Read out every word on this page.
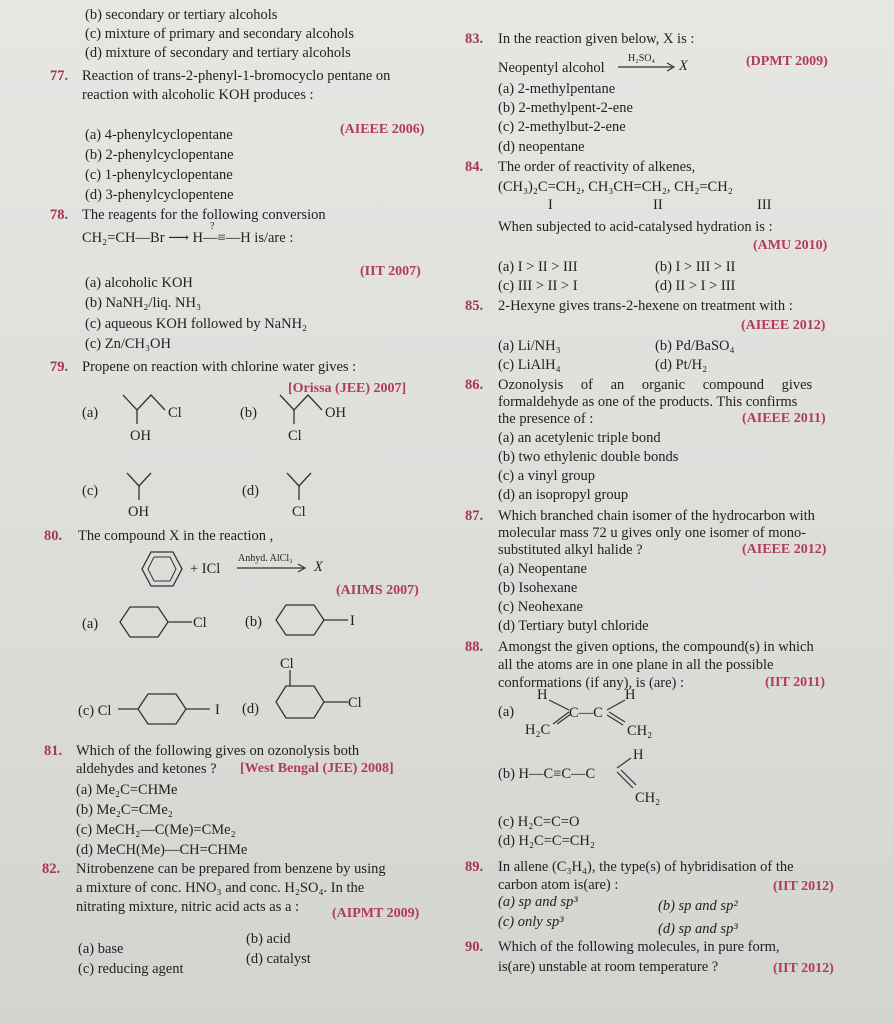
(b) secondary or tertiary alcohols
(c) mixture of primary and secondary alcohols
(d) mixture of secondary and tertiary alcohols
77. Reaction of trans-2-phenyl-1-bromocyclo pentane on
reaction with alcoholic KOH produces :
(AIEEE 2006)
(a) 4-phenylcyclopentane
(b) 2-phenylcyclopentane
(c) 1-phenylcyclopentane
(d) 3-phenylcyclopentene
78. The reagents for the following conversion
CH₂=CH—Br ⟶ H—≡—H is/are :
?
(IIT 2007)
(a) alcoholic KOH
(b) NaNH₂/liq. NH₃
(c) aqueous KOH followed by NaNH₂
(c) Zn/CH₃OH
79. Propene on reaction with chlorine water gives :
[Orissa (JEE) 2007]
(a)	Cl
OH
(b)	OH
Cl
(c)
OH
(d)
Cl
80. The compound X in the reaction ,
+ ICl
Anhyd. AlCl₃
X
(AIIMS 2007)
(a)	Cl	(b)	I
(c) Cl	I (d)
Cl
Cl
81. Which of the following gives on ozonolysis both
aldehydes and ketones ? [West Bengal (JEE) 2008]
(a) Me₂C=CHMe
(b) Me₂C=CMe₂
(c) MeCH₂—C(Me)=CMe₂
(d) MeCH(Me)—CH=CHMe
82. Nitrobenzene can be prepared from benzene by using
a mixture of conc. HNO₃ and conc. H₂SO₄. In the
nitrating mixture, nitric acid acts as a : (AIPMT 2009)
(a) base
(b) acid
(c) reducing agent
(d) catalyst
83. In the reaction given below, X is :
Neopentyl alcohol
H₂SO₄ X	(DPMT 2009)
(a) 2-methylpentane
(b) 2-methylpent-2-ene
(c) 2-methylbut-2-ene
(d) neopentane
84. The order of reactivity of alkenes,
(CH₃)₂C=CH₂, CH₃CH=CH₂, CH₂=CH₂
I	II	III
When subjected to acid-catalysed hydration is :
(AMU 2010)
(a) I > II > III	(b) I > III > II
(c) III > II > I	(d) II > I > III
85. 2-Hexyne gives trans-2-hexene on treatment with :
(AIEEE 2012)
(a) Li/NH₃	(b) Pd/BaSO₄
(c) LiAlH₄	(d) Pt/H₂
86. Ozonolysis of an organic compound gives
formaldehyde as one of the products. This confirms
the presence of :	(AIEEE 2011)
(a) an acetylenic triple bond
(b) two ethylenic double bonds
(c) a vinyl group
(d) an isopropyl group
87. Which branched chain isomer of the hydrocarbon with
molecular mass 72 u gives only one isomer of mono-
substituted alkyl halide ?	(AIEEE 2012)
(a) Neopentane
(b) Isohexane
(c) Neohexane
(d) Tertiary butyl chloride
88. Amongst the given options, the compound(s) in which
all the atoms are in one plane in all the possible
conformations (if any), is (are) :	(IIT 2011)
(a)
H	H
C—C
H₂C	CH₂
(b) H—C≡C—C
H
CH₂
(c) H₂C=C=O
(d) H₂C=C=CH₂
89. In allene (C₃H₄), the type(s) of hybridisation of the
carbon atom is(are) :	(IIT 2012)
(a) sp and sp³	(b) sp and sp²
(c) only sp³	(d) sp and sp³
90. Which of the following molecules, in pure form,
is(are) unstable at room temperature ?	(IIT 2012)
